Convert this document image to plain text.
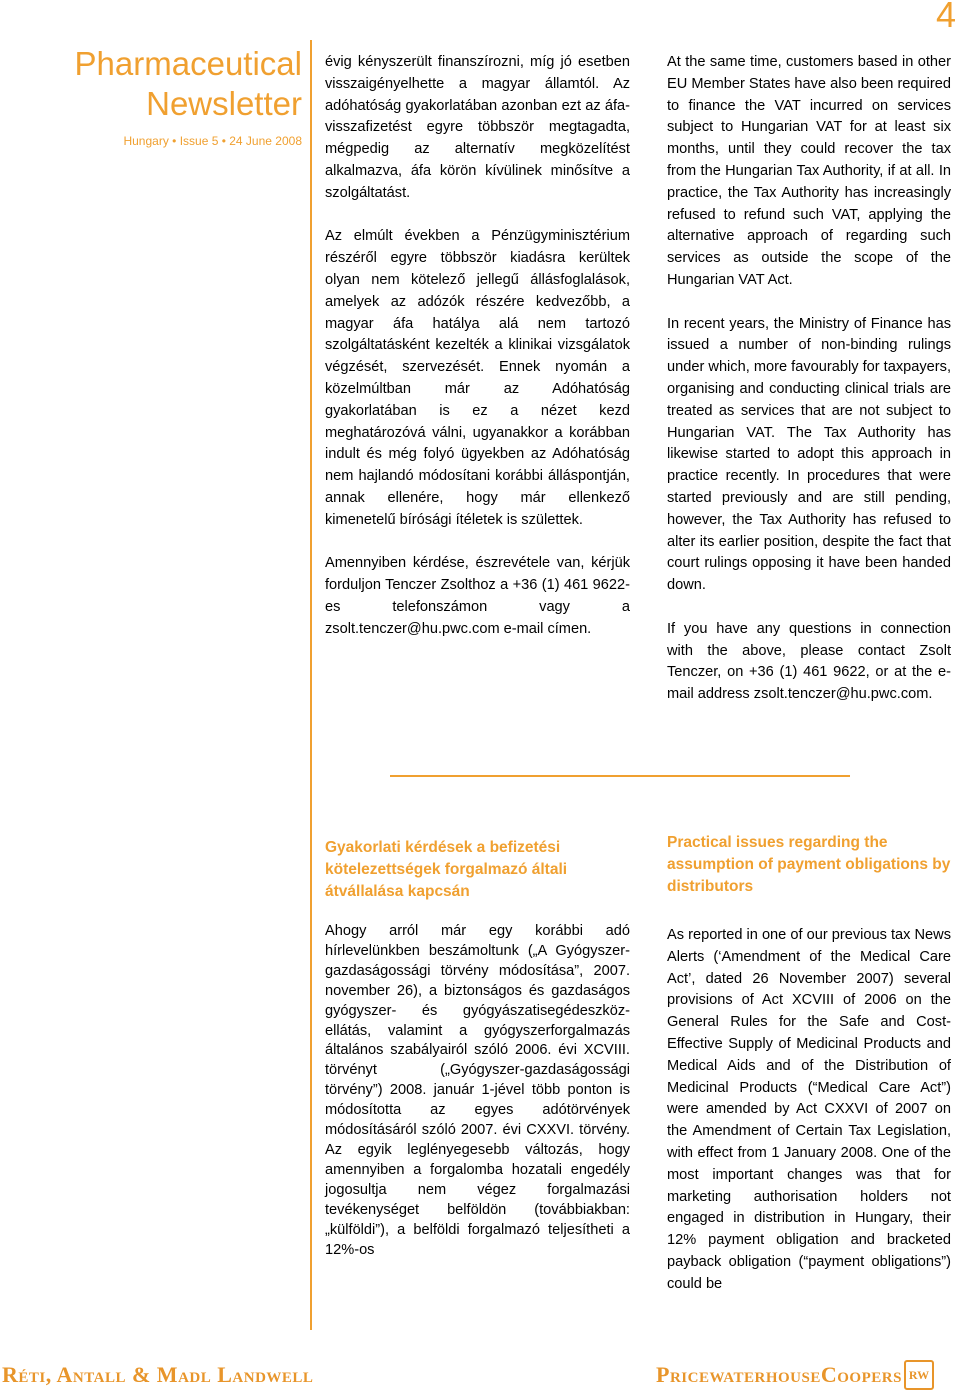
4
Pharmaceutical
Newsletter
Hungary • Issue 5 • 24 June 2008

évig kényszerült finanszírozni, míg jó esetben visszaigényelhette a magyar államtól. Az adóhatóság gyakorlatában azonban ezt az áfa-visszafizetést egyre többször megtagadta, mégpedig az alternatív megközelítést alkalmazva, áfa körön kívülinek minősítve a szolgáltatást.

Az elmúlt években a Pénzügyminisztérium részéről egyre többször kiadásra kerültek olyan nem kötelező jellegű állásfoglalások, amelyek az adózók részére kedvezőbb, a magyar áfa hatálya alá nem tartozó szolgáltatásként kezelték a klinikai vizsgálatok végzését, szervezését. Ennek nyomán a közelmúltban már az Adóhatóság gyakorlatában is ez a nézet kezd meghatározóvá válni, ugyanakkor a korábban indult és még folyó ügyekben az Adóhatóság nem hajlandó módosítani korábbi álláspontján, annak ellenére, hogy már ellenkező kimenetelű bírósági ítéletek is születtek.

Amennyiben kérdése, észrevétele van, kérjük forduljon Tenczer Zsolthoz a +36 (1) 461 9622-es telefonszámon vagy a zsolt.tenczer@hu.pwc.com e-mail címen.

At the same time, customers based in other EU Member States have also been required to finance the VAT incurred on services subject to Hungarian VAT for at least six months, until they could recover the tax from the Hungarian Tax Authority, if at all. In practice, the Tax Authority has increasingly refused to refund such VAT, applying the alternative approach of regarding such services as outside the scope of the Hungarian VAT Act.

In recent years, the Ministry of Finance has issued a number of non-binding rulings under which, more favourably for taxpayers, organising and conducting clinical trials are treated as services that are not subject to Hungarian VAT. The Tax Authority has likewise started to adopt this approach in practice recently. In procedures that were started previously and are still pending, however, the Tax Authority has refused to alter its earlier position, despite the fact that court rulings opposing it have been handed down.

If you have any questions in connection with the above, please contact Zsolt Tenczer, on +36 (1) 461 9622, or at the e-mail address zsolt.tenczer@hu.pwc.com.

Gyakorlati kérdések a befizetési kötelezettségek forgalmazó általi átvállalása kapcsán
Practical issues regarding the assumption of payment obligations by distributors

Ahogy arról már egy korábbi adó hírlevelünkben beszámoltunk („A Gyógyszer-gazdaságossági törvény módosítása”, 2007. november 26), a biztonságos és gazdaságos gyógyszer- és gyógyászatisegédeszköz-ellátás, valamint a gyógyszerforgalmazás általános szabályairól szóló 2006. évi XCVIII. törvényt („Gyógyszer-gazdaságossági törvény”) 2008. január 1-jével több ponton is módosította az egyes adótörvények módosításáról szóló 2007. évi CXXVI. törvény. Az egyik leglényegesebb változás, hogy amennyiben a forgalomba hozatali engedély jogosultja nem végez forgalmazási tevékenységet belföldön (továbbiakban: „külföldi”), a belföldi forgalmazó teljesítheti a 12%-os

As reported in one of our previous tax News Alerts (‘Amendment of the Medical Care Act’, dated 26 November 2007) several provisions of Act XCVIII of 2006 on the General Rules for the Safe and Cost-Effective Supply of Medicinal Products and Medical Aids and of the Distribution of Medicinal Products (“Medical Care Act”) were amended by Act CXXVI of 2007 on the Amendment of Certain Tax Legislation, with effect from 1 January 2008. One of the most important changes was that for marketing authorisation holders not engaged in distribution in Hungary, their 12% payment obligation and bracketed payback obligation (“payment obligations”) could be

Réti, Antall & Madl Landwell	PricewaterhouseCoopers RW
